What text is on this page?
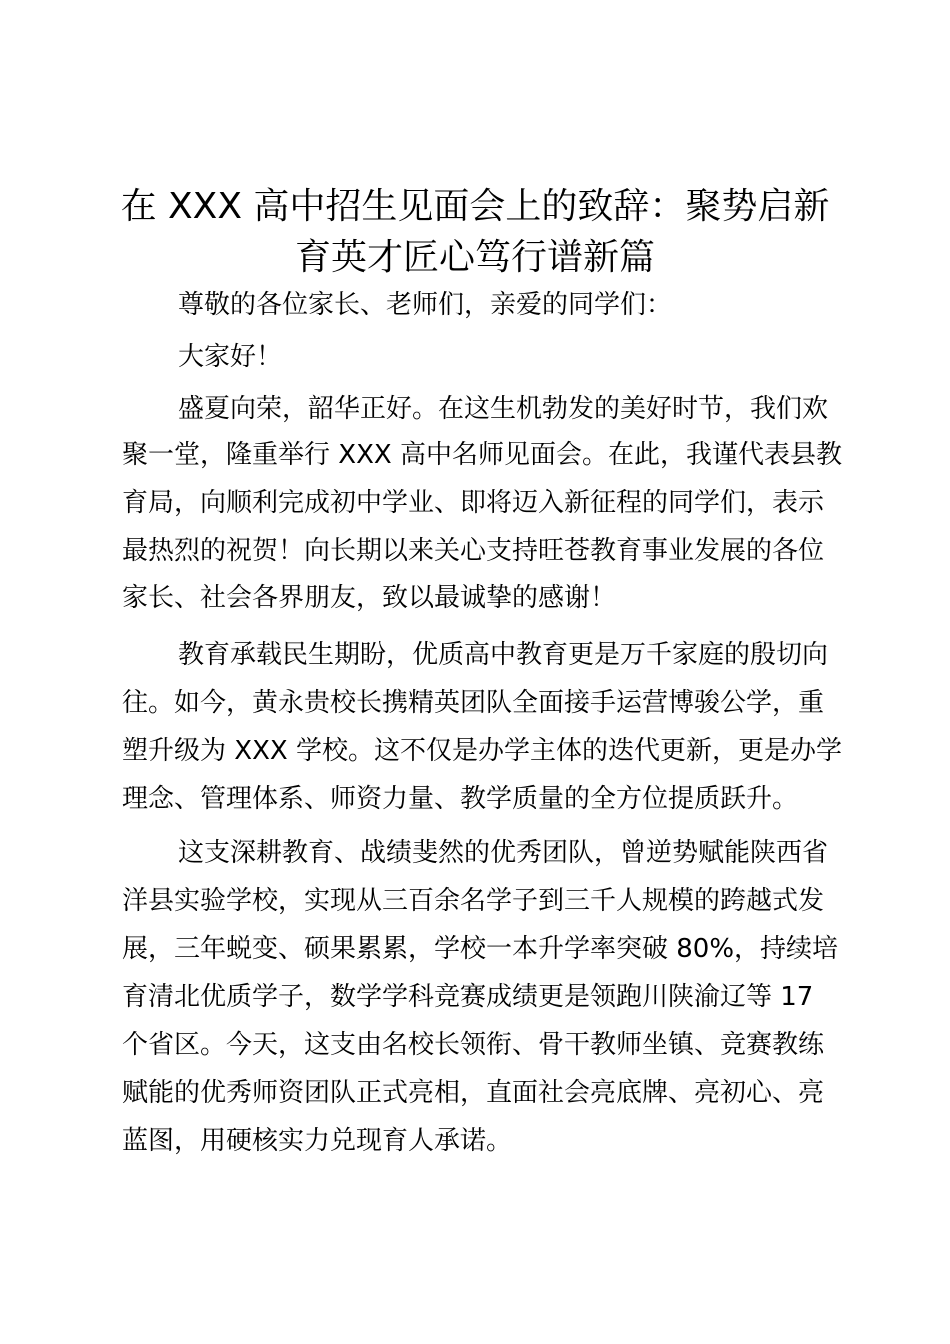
在 XXX 高中招生见面会上的致辞：聚势启新
育英才匠心笃行谱新篇
尊敬的各位家长、老师们，亲爱的同学们：
大家好！
盛夏向荣，韶华正好。在这生机勃发的美好时节，我们欢
聚一堂，隆重举行 XXX 高中名师见面会。在此，我谨代表县教
育局，向顺利完成初中学业、即将迈入新征程的同学们，表示
最热烈的祝贺！向长期以来关心支持旺苍教育事业发展的各位
家长、社会各界朋友，致以最诚挚的感谢！
教育承载民生期盼，优质高中教育更是万千家庭的殷切向
往。如今，黄永贵校长携精英团队全面接手运营博骏公学，重
塑升级为 XXX 学校。这不仅是办学主体的迭代更新，更是办学
理念、管理体系、师资力量、教学质量的全方位提质跃升。
这支深耕教育、战绩斐然的优秀团队，曾逆势赋能陕西省
洋县实验学校，实现从三百余名学子到三千人规模的跨越式发
展，三年蜕变、硕果累累，学校一本升学率突破 80%，持续培
育清北优质学子，数学学科竞赛成绩更是领跑川陕渝辽等 17
个省区。今天，这支由名校长领衔、骨干教师坐镇、竞赛教练
赋能的优秀师资团队正式亮相，直面社会亮底牌、亮初心、亮
蓝图，用硬核实力兑现育人承诺。
